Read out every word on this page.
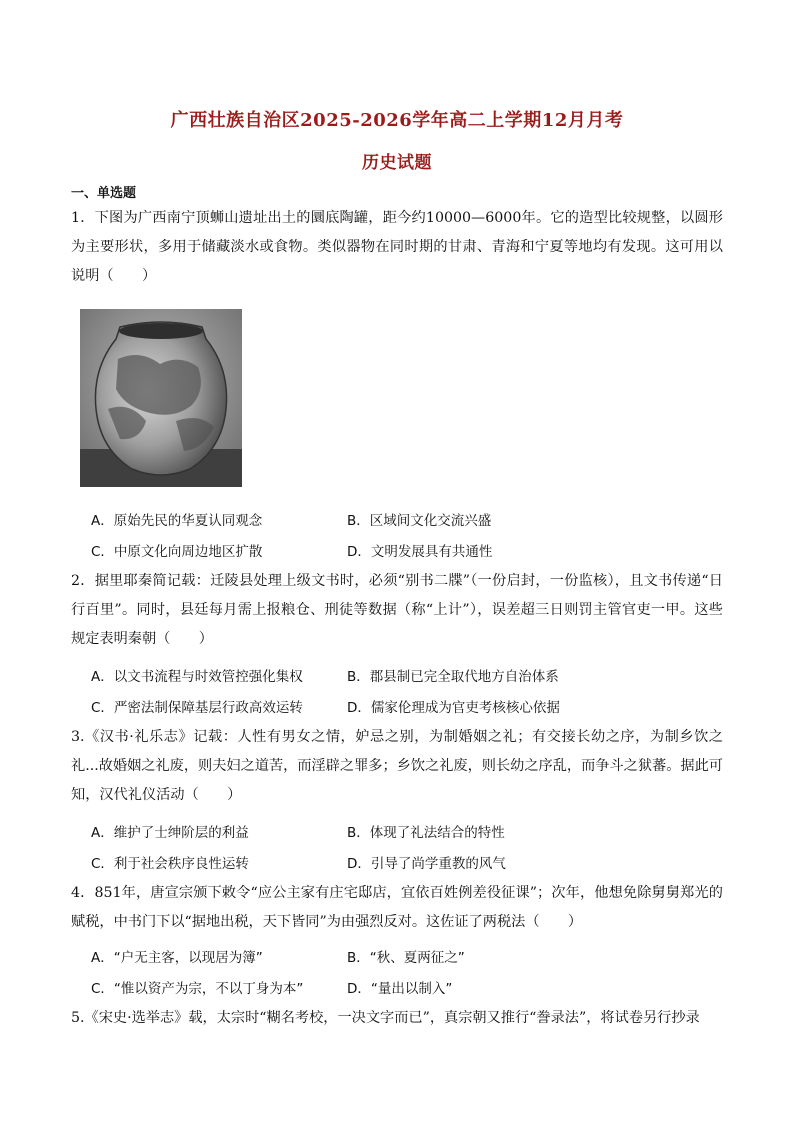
广西壮族自治区2025-2026学年高二上学期12月月考
历史试题
一、单选题
1．下图为广西南宁顶蛳山遗址出土的圜底陶罐，距今约10000—6000年。它的造型比较规整，以圆形为主要形状，多用于储藏淡水或食物。类似器物在同时期的甘肃、青海和宁夏等地均有发现。这可用以说明（　　）
A．原始先民的华夏认同观念	B．区域间文化交流兴盛
C．中原文化向周边地区扩散	D．文明发展具有共通性
2．据里耶秦简记载：迁陵县处理上级文书时，必须“别书二牒”（一份启封，一份监核），且文书传递“日行百里”。同时，县廷每月需上报粮仓、刑徒等数据（称“上计”），误差超三日则罚主管官吏一甲。这些规定表明秦朝（　　）
A．以文书流程与时效管控强化集权	B．郡县制已完全取代地方自治体系
C．严密法制保障基层行政高效运转	D．儒家伦理成为官吏考核核心依据
3.《汉书·礼乐志》记载：人性有男女之情，妒忌之别，为制婚姻之礼；有交接长幼之序，为制乡饮之礼...故婚姻之礼废，则夫妇之道苦，而淫辟之罪多；乡饮之礼废，则长幼之序乱，而争斗之狱蕃。据此可知，汉代礼仪活动（　　）
A．维护了士绅阶层的利益	B．体现了礼法结合的特性
C．利于社会秩序良性运转	D．引导了尚学重教的风气
4．851年，唐宣宗颁下敕令“应公主家有庄宅邸店，宜依百姓例差役征课”；次年，他想免除舅舅郑光的赋税，中书门下以“据地出税，天下皆同”为由强烈反对。这佐证了两税法（　　）
A．“户无主客，以现居为簿”	B．“秋、夏两征之”
C．“惟以资产为宗，不以丁身为本”	D．“量出以制入”
5.《宋史·选举志》载，太宗时“糊名考校，一决文字而已”，真宗朝又推行“誊录法”，将试卷另行抄录
